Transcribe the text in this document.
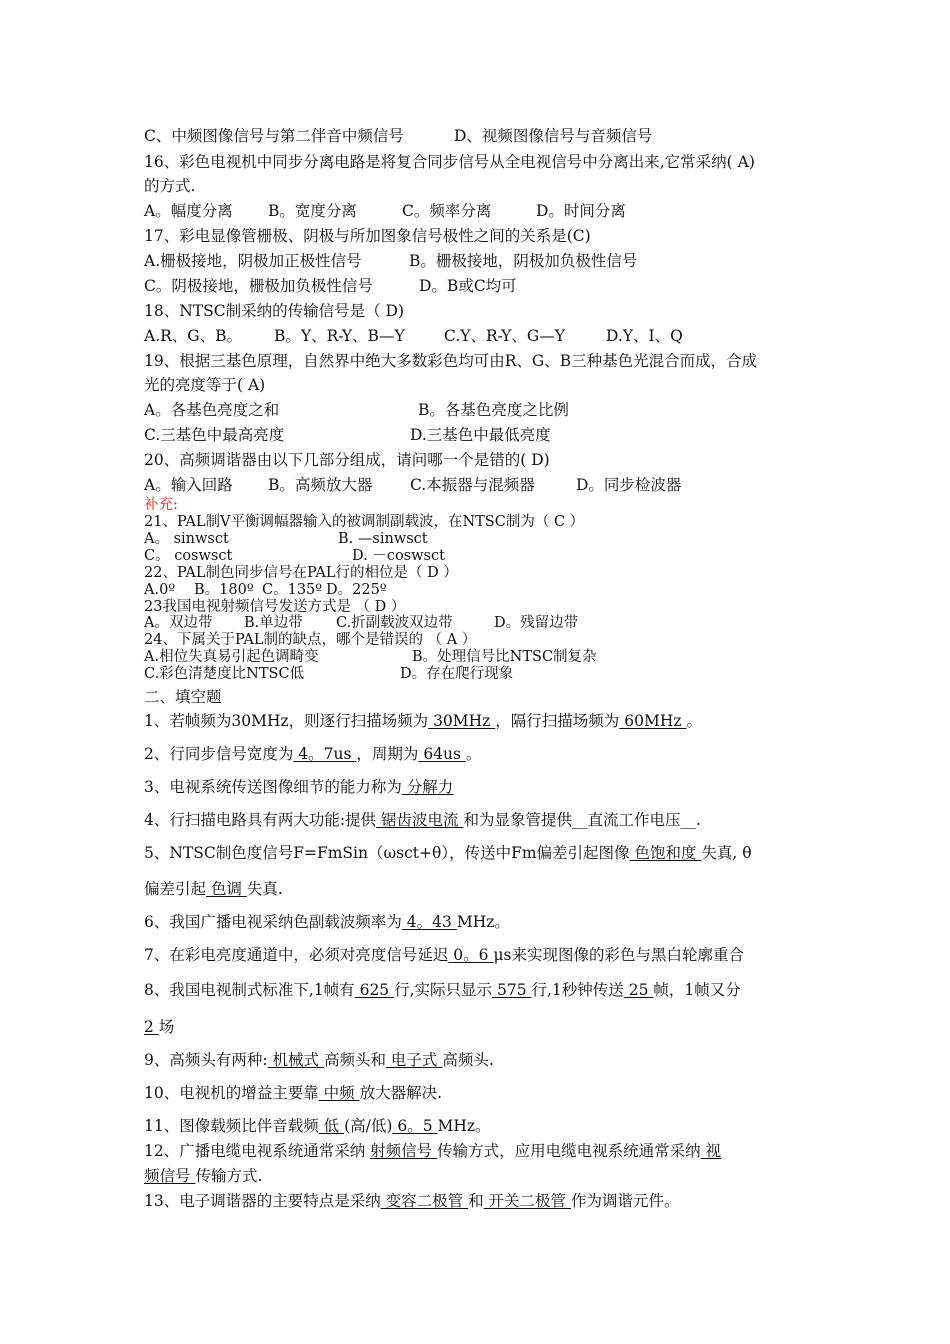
C、中频图像信号与第二伴音中频信号	D、视频图像信号与音频信号
16、彩色电视机中同步分离电路是将复合同步信号从全电视信号中分离出来,它常采纳( A)
的方式.
A。幅度分离 B。宽度分离	C。频率分离	D。时间分离
17、彩电显像管栅极、阴极与所加图象信号极性之间的关系是(C)
A.栅极接地，阴极加正极性信号	B。栅极接地，阴极加负极性信号
C。阴极接地，栅极加负极性信号	D。B或C均可
18、NTSC制采纳的传输信号是（ D)
A.R、G、B。 B。Y、R-Y、B—Y	C.Y、R-Y、G—Y	D.Y、I、Q
19、根据三基色原理，自然界中绝大多数彩色均可由R、G、B三种基色光混合而成，合成
光的亮度等于( A)
A。各基色亮度之和	B。各基色亮度之比例
C.三基色中最高亮度	D.三基色中最低亮度
20、高频调谐器由以下几部分组成，请问哪一个是错的( D)
A。输入回路 B。高频放大器 C.本振器与混频器	D。同步检波器
补充:
21、PAL制V平衡调幅器输入的被调制副载波，在NTSC制为（ C ）
A。 sinwsct	B. —sinwsct
C。 coswsct	D. －coswsct
22、PAL制色同步信号在PAL行的相位是（ D ）
A.0º B。180º C。135º D。225º
23我国电视射频信号发送方式是 （ D ）
A。双边带 B.单边带 C.折副载波双边带	D。残留边带
24、下属关于PAL制的缺点，哪个是错误的 （ A ）
A.相位失真易引起色调畸变	B。处理信号比NTSC制复杂
C.彩色清楚度比NTSC低	D。存在爬行现象
二、填空题
1、若帧频为30MHz，则逐行扫描场频为 30MHz ，隔行扫描场频为 60MHz 。
2、行同步信号宽度为 4。7us ，周期为 64us 。
3、电视系统传送图像细节的能力称为 分解力
4、行扫描电路具有两大功能:提供 锯齿波电流 和为显象管提供__直流工作电压__.
5、NTSC制色度信号F=FmSin（ωsct+θ），传送中Fm偏差引起图像 色饱和度 失真, θ
偏差引起 色调 失真.
6、我国广播电视采纳色副载波频率为 4。43 MHz。
7、在彩电亮度通道中，必须对亮度信号延迟 0。6 μs来实现图像的彩色与黑白轮廓重合
8、我国电视制式标准下,1帧有 625 行,实际只显示 575 行,1秒钟传送 25 帧，1帧又分
2 场
9、高频头有两种: 机械式 高频头和 电子式 高频头.
10、电视机的增益主要靠 中频 放大器解决.
11、图像载频比伴音载频 低 (高/低) 6。5 MHz。
12、广播电缆电视系统通常采纳 射频信号 传输方式，应用电缆电视系统通常采纳 视
频信号 传输方式.
13、电子调谐器的主要特点是采纳 变容二极管 和 开关二极管 作为调谐元件。
